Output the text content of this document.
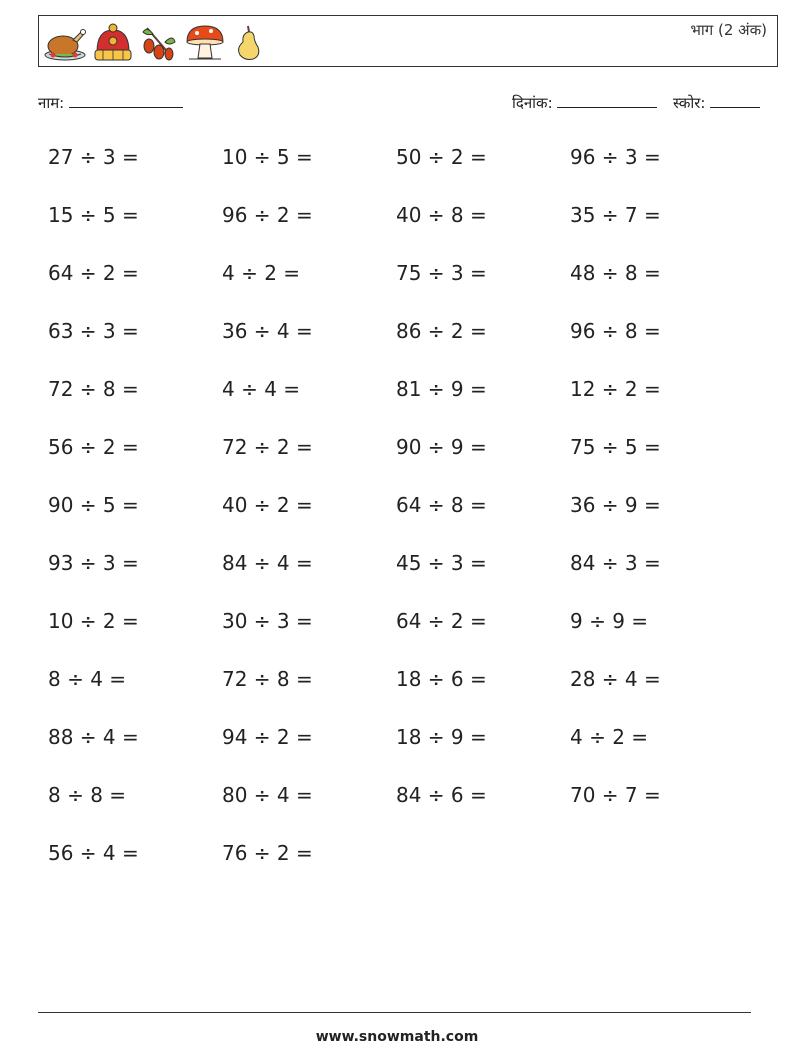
भाग (2 अंक)
नाम:	दिनांक:	स्कोर:
27 ÷ 3 =	10 ÷ 5 =	50 ÷ 2 =	96 ÷ 3 =
15 ÷ 5 =	96 ÷ 2 =	40 ÷ 8 =	35 ÷ 7 =
64 ÷ 2 =	4 ÷ 2 =	75 ÷ 3 =	48 ÷ 8 =
63 ÷ 3 =	36 ÷ 4 =	86 ÷ 2 =	96 ÷ 8 =
72 ÷ 8 =	4 ÷ 4 =	81 ÷ 9 =	12 ÷ 2 =
56 ÷ 2 =	72 ÷ 2 =	90 ÷ 9 =	75 ÷ 5 =
90 ÷ 5 =	40 ÷ 2 =	64 ÷ 8 =	36 ÷ 9 =
93 ÷ 3 =	84 ÷ 4 =	45 ÷ 3 =	84 ÷ 3 =
10 ÷ 2 =	30 ÷ 3 =	64 ÷ 2 =	9 ÷ 9 =
8 ÷ 4 =	72 ÷ 8 =	18 ÷ 6 =	28 ÷ 4 =
88 ÷ 4 =	94 ÷ 2 =	18 ÷ 9 =	4 ÷ 2 =
8 ÷ 8 =	80 ÷ 4 =	84 ÷ 6 =	70 ÷ 7 =
56 ÷ 4 =	76 ÷ 2 =
www.snowmath.com
